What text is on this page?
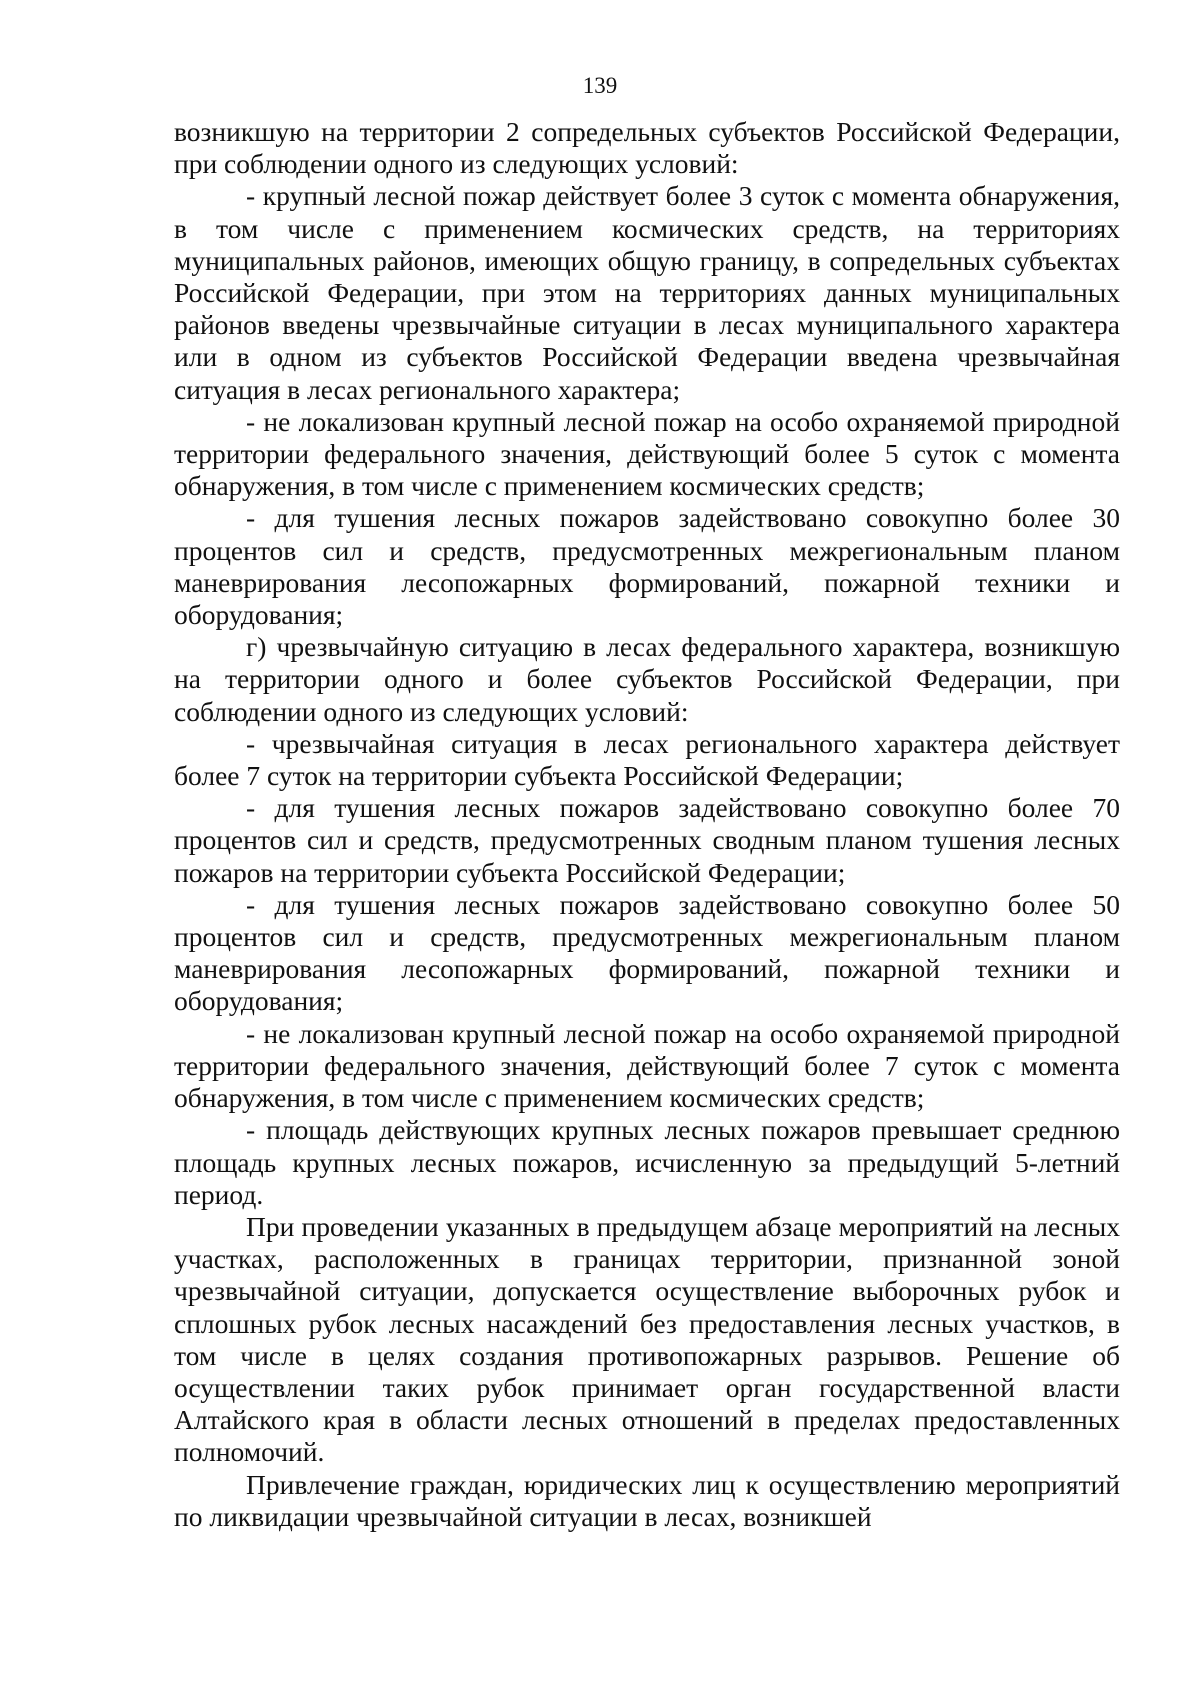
139

возникшую на территории 2 сопредельных субъектов Российской Федерации, при соблюдении одного из следующих условий:

‐ крупный лесной пожар действует более 3 суток с момента обнаружения, в том числе с применением космических средств, на территориях муниципальных районов, имеющих общую границу, в сопредельных субъектах Российской Федерации, при этом на территориях данных муниципальных районов введены чрезвычайные ситуации в лесах муниципального характера или в одном из субъектов Российской Федерации введена чрезвычайная ситуация в лесах регионального характера;

‐ не локализован крупный лесной пожар на особо охраняемой природной территории федерального значения, действующий более 5 суток с момента обнаружения, в том числе с применением космических средств;

‐ для тушения лесных пожаров задействовано совокупно более 30 процентов сил и средств, предусмотренных межрегиональным планом маневрирования лесопожарных формирований, пожарной техники и оборудования;

г) чрезвычайную ситуацию в лесах федерального характера, возникшую на территории одного и более субъектов Российской Федерации, при соблюдении одного из следующих условий:

‐ чрезвычайная ситуация в лесах регионального характера действует более 7 суток на территории субъекта Российской Федерации;

‐ для тушения лесных пожаров задействовано совокупно более 70 процентов сил и средств, предусмотренных сводным планом тушения лесных пожаров на территории субъекта Российской Федерации;

‐ для тушения лесных пожаров задействовано совокупно более 50 процентов сил и средств, предусмотренных межрегиональным планом маневрирования лесопожарных формирований, пожарной техники и оборудования;

‐ не локализован крупный лесной пожар на особо охраняемой природной территории федерального значения, действующий более 7 суток с момента обнаружения, в том числе с применением космических средств;

‐ площадь действующих крупных лесных пожаров превышает среднюю площадь крупных лесных пожаров, исчисленную за предыдущий 5-летний период.

При проведении указанных в предыдущем абзаце мероприятий на лесных участках, расположенных в границах территории, признанной зоной чрезвычайной ситуации, допускается осуществление выборочных рубок и сплошных рубок лесных насаждений без предоставления лесных участков, в том числе в целях создания противопожарных разрывов. Решение об осуществлении таких рубок принимает орган государственной власти Алтайского края в области лесных отношений в пределах предоставленных полномочий.

Привлечение граждан, юридических лиц к осуществлению мероприятий по ликвидации чрезвычайной ситуации в лесах, возникшей
